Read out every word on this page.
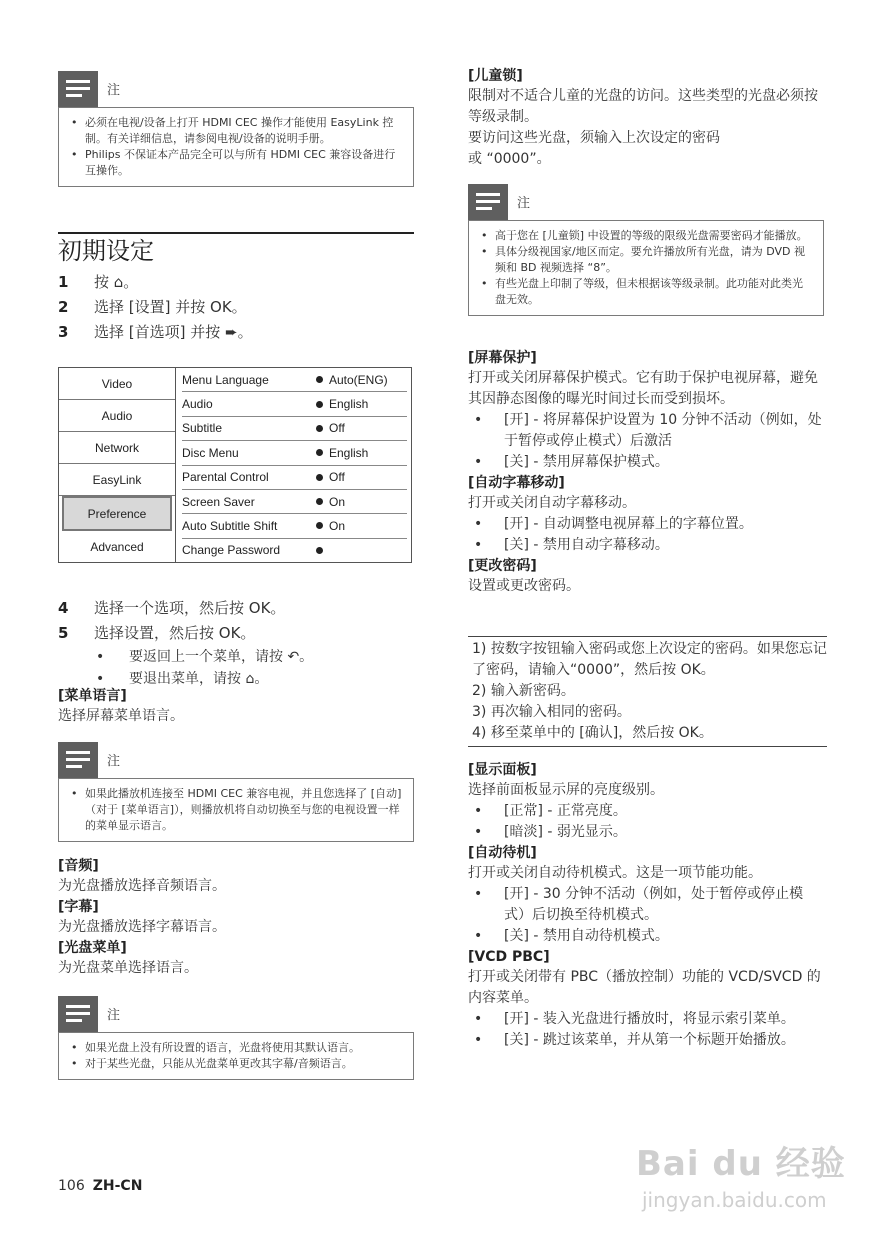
注
• 必须在电视/设备上打开 HDMI CEC 操作才能使用 EasyLink 控制。有关详细信息，请参阅电视/设备的说明手册。
• Philips 不保证本产品完全可以与所有 HDMI CEC 兼容设备进行互操作。
初期设定
1	按 ⌂。
2	选择 [设置] 并按 OK。
3	选择 [首选项] 并按 ➨。
Video
Audio
Network
EasyLink
Preference
Advanced
Menu Language	Auto(ENG)
Audio	English
Subtitle	Off
Disc Menu	English
Parental Control	Off
Screen Saver	On
Auto Subtitle Shift	On
Change Password
4	选择一个选项，然后按 OK。
5	选择设置，然后按 OK。
• 要返回上一个菜单，请按 ↶。
• 要退出菜单，请按 ⌂。
[菜单语言]
选择屏幕菜单语言。
注
• 如果此播放机连接至 HDMI CEC 兼容电视，并且您选择了 [自动]（对于 [菜单语言]），则播放机将自动切换至与您的电视设置一样的菜单显示语言。
[音频]
为光盘播放选择音频语言。
[字幕]
为光盘播放选择字幕语言。
[光盘菜单]
为光盘菜单选择语言。
注
• 如果光盘上没有所设置的语言，光盘将使用其默认语言。
• 对于某些光盘，只能从光盘菜单更改其字幕/音频语言。
106 ZH-CN
[儿童锁]
限制对不适合儿童的光盘的访问。这些类型的光盘必须按等级录制。
要访问这些光盘，须输入上次设定的密码
或 “0000”。
注
• 高于您在 [儿童锁] 中设置的等级的限级光盘需要密码才能播放。
• 具体分级视国家/地区而定。要允许播放所有光盘，请为 DVD 视频和 BD 视频选择 “8”。
• 有些光盘上印制了等级，但未根据该等级录制。此功能对此类光盘无效。
[屏幕保护]
打开或关闭屏幕保护模式。它有助于保护电视屏幕，避免其因静态图像的曝光时间过长而受到损坏。
• [开] - 将屏幕保护设置为 10 分钟不活动（例如，处于暂停或停止模式）后激活
• [关] - 禁用屏幕保护模式。
[自动字幕移动]
打开或关闭自动字幕移动。
• [开] - 自动调整电视屏幕上的字幕位置。
• [关] - 禁用自动字幕移动。
[更改密码]
设置或更改密码。
1) 按数字按钮输入密码或您上次设定的密码。如果您忘记了密码，请输入“0000”，然后按 OK。
2) 输入新密码。
3) 再次输入相同的密码。
4) 移至菜单中的 [确认]，然后按 OK。
[显示面板]
选择前面板显示屏的亮度级别。
• [正常] - 正常亮度。
• [暗淡] - 弱光显示。
[自动待机]
打开或关闭自动待机模式。这是一项节能功能。
• [开] - 30 分钟不活动（例如，处于暂停或停止模式）后切换至待机模式。
• [关] - 禁用自动待机模式。
[VCD PBC]
打开或关闭带有 PBC（播放控制）功能的 VCD/SVCD 的内容菜单。
• [开] - 装入光盘进行播放时，将显示索引菜单。
• [关] - 跳过该菜单，并从第一个标题开始播放。
Bai du 经验
jingyan.baidu.com
